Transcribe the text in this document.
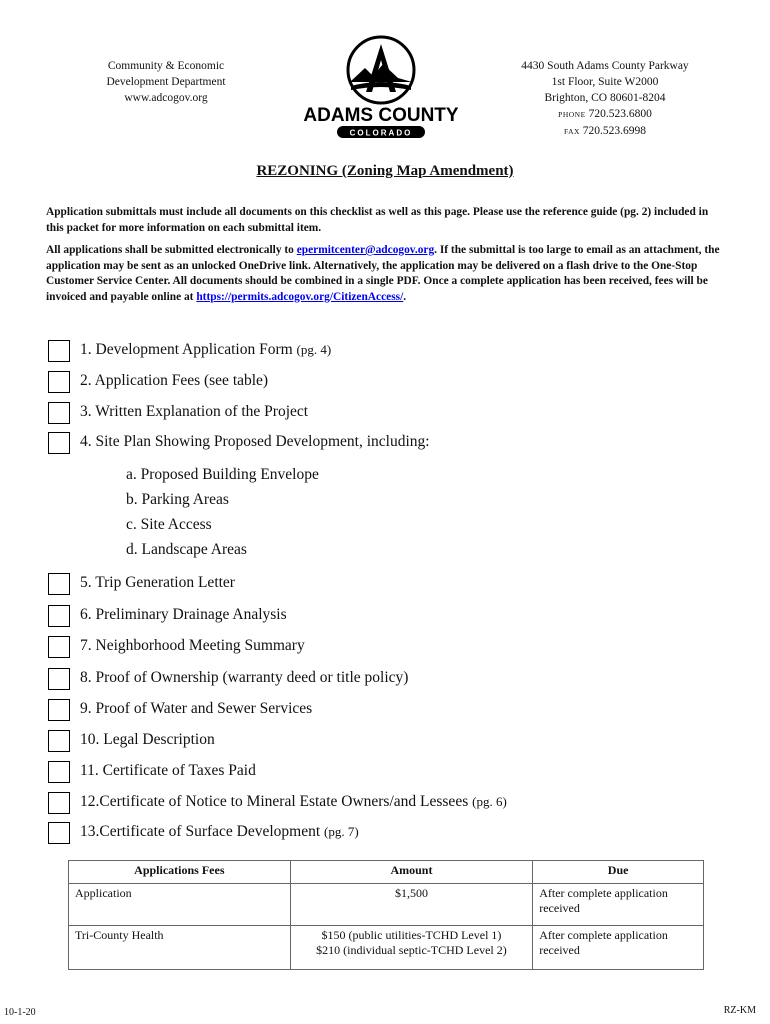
Community & Economic
Development Department
www.adcogov.org
ADAMS COUNTY
COLORADO
4430 South Adams County Parkway
1st Floor, Suite W2000
Brighton, CO 80601-8204
PHONE 720.523.6800
FAX 720.523.6998
REZONING (Zoning Map Amendment)
Application submittals must include all documents on this checklist as well as this page. Please use the reference guide (pg. 2) included in this packet for more information on each submittal item.
All applications shall be submitted electronically to epermitcenter@adcogov.org. If the submittal is too large to email as an attachment, the application may be sent as an unlocked OneDrive link. Alternatively, the application may be delivered on a flash drive to the One-Stop Customer Service Center. All documents should be combined in a single PDF. Once a complete application has been received, fees will be invoiced and payable online at https://permits.adcogov.org/CitizenAccess/.
1. Development Application Form (pg. 4)
2. Application Fees (see table)
3. Written Explanation of the Project
4. Site Plan Showing Proposed Development, including:
a. Proposed Building Envelope
b. Parking Areas
c. Site Access
d. Landscape Areas
5. Trip Generation Letter
6. Preliminary Drainage Analysis
7. Neighborhood Meeting Summary
8. Proof of Ownership (warranty deed or title policy)
9. Proof of Water and Sewer Services
10. Legal Description
11. Certificate of Taxes Paid
12.Certificate of Notice to Mineral Estate Owners/and Lessees (pg. 6)
13.Certificate of Surface Development (pg. 7)
Applications Fees	Amount	Due
Application	$1,500	After complete application received
Tri-County Health	$150 (public utilities-TCHD Level 1)
$210 (individual septic-TCHD Level 2)	After complete application received
10-1-20	RZ-KM
